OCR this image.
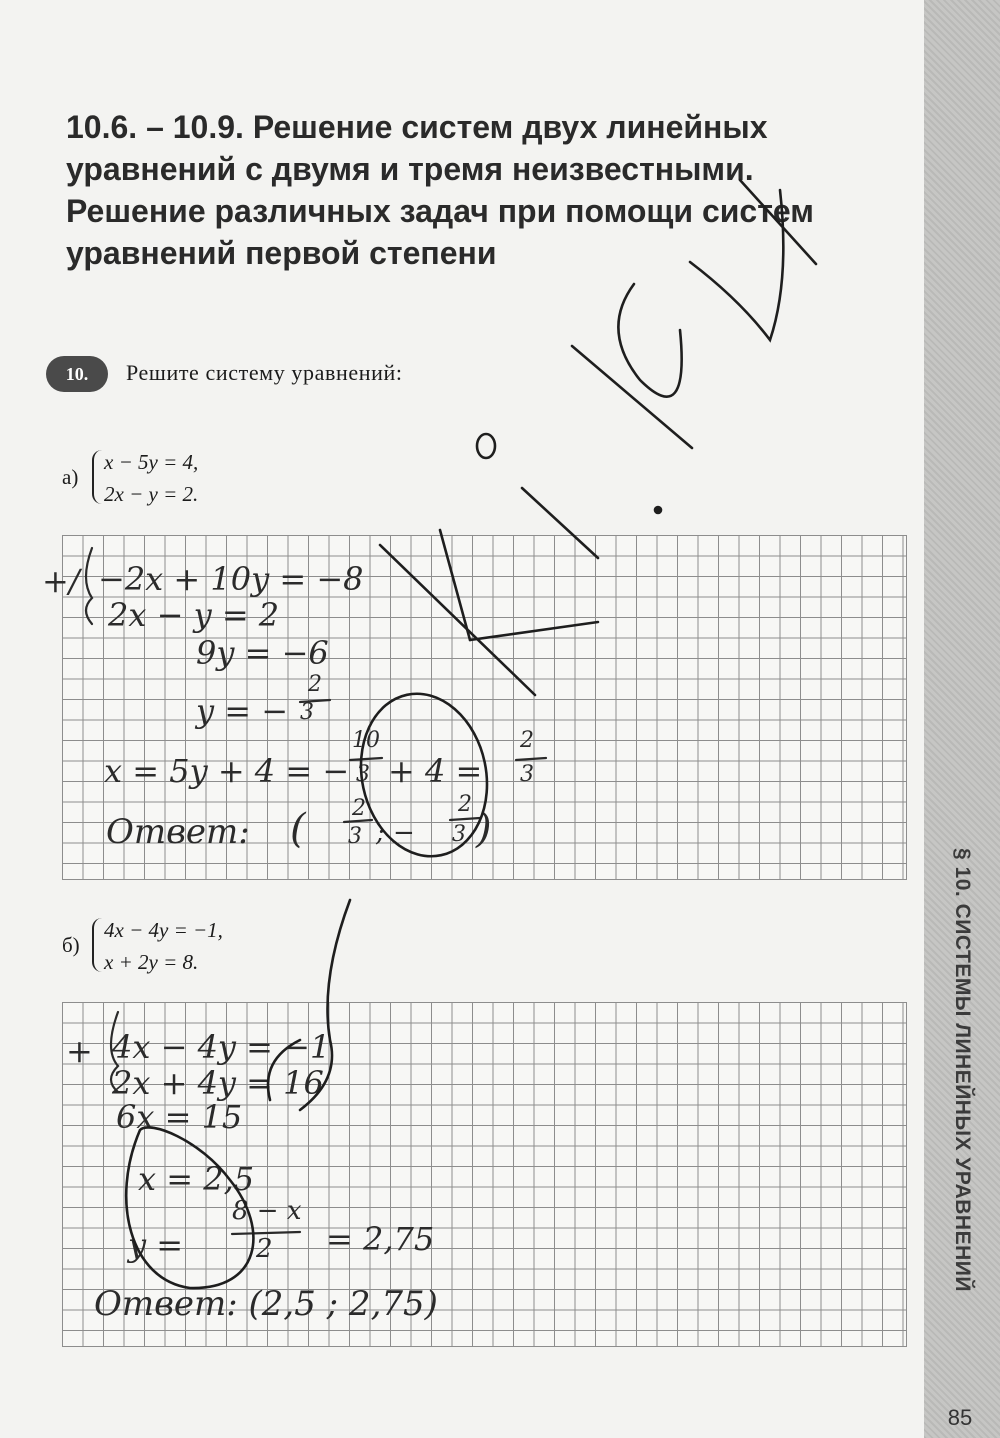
§ 10. СИСТЕМЫ ЛИНЕЙНЫХ УРАВНЕНИЙ
85
10.6. – 10.9. Решение систем двух линейных
уравнений с двумя и тремя неизвестными.
Решение различных задач при помощи систем
уравнений первой степени
10.	Решите систему уравнений:
а)
x − 5y = 4,
2x − y = 2.
+/ −2x + 10y = −8
2x − y = 2
9y = −6
y = −
2
3
x = 5y + 4 = −
10
3 + 4 =
2
3
Ответ: ( 2
3 ; −
2
3 )
б)
4x − 4y = −1,
x + 2y = 8.
+ 4x − 4y = −1
2x + 4y = 16
6x = 15
x = 2,5
y =
8 − x
2 = 2,75
Ответ: (2,5 ; 2,75)
